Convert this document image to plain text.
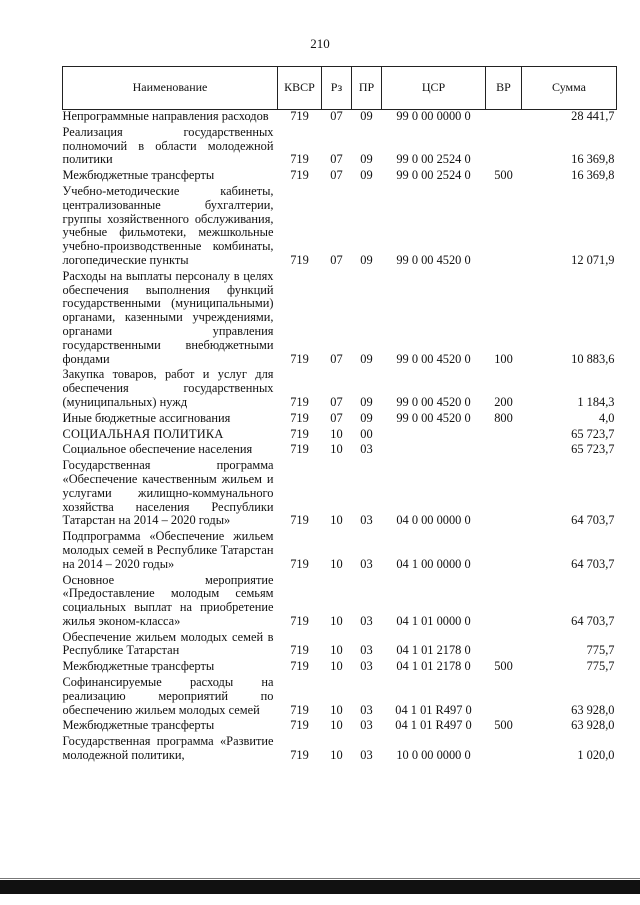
210
Наименование	КВСР	Рз	ПР	ЦСР	ВР	Сумма
Непрограммные направления расходов	719	07	09	99 0 00 0000 0		28 441,7
Реализация государственных полномочий в области молодежной политики	719	07	09	99 0 00 2524 0		16 369,8
Межбюджетные трансферты	719	07	09	99 0 00 2524 0	500	16 369,8
Учебно-методические кабинеты, централизованные бухгалтерии, группы хозяйственного обслуживания, учебные фильмотеки, межшкольные учебно-производственные комбинаты, логопедические пункты	719	07	09	99 0 00 4520 0		12 071,9
Расходы на выплаты персоналу в целях обеспечения выполнения функций государственными (муниципальными) органами, казенными учреждениями, органами управления государственными внебюджетными фондами	719	07	09	99 0 00 4520 0	100	10 883,6
Закупка товаров, работ и услуг для обеспечения государственных (муниципальных) нужд	719	07	09	99 0 00 4520 0	200	1 184,3
Иные бюджетные ассигнования	719	07	09	99 0 00 4520 0	800	4,0
СОЦИАЛЬНАЯ ПОЛИТИКА	719	10	00			65 723,7
Социальное обеспечение населения	719	10	03			65 723,7
Государственная программа «Обеспечение качественным жильем и услугами жилищно-коммунального хозяйства населения Республики Татарстан на 2014 – 2020 годы»	719	10	03	04 0 00 0000 0		64 703,7
Подпрограмма «Обеспечение жильем молодых семей в Республике Татарстан на 2014 – 2020 годы»	719	10	03	04 1 00 0000 0		64 703,7
Основное мероприятие «Предоставление молодым семьям социальных выплат на приобретение жилья эконом-класса»	719	10	03	04 1 01 0000 0		64 703,7
Обеспечение жильем молодых семей в Республике Татарстан	719	10	03	04 1 01 2178 0		775,7
Межбюджетные трансферты	719	10	03	04 1 01 2178 0	500	775,7
Софинансируемые расходы на реализацию мероприятий по обеспечению жильем молодых семей	719	10	03	04 1 01 R497 0		63 928,0
Межбюджетные трансферты	719	10	03	04 1 01 R497 0	500	63 928,0
Государственная программа «Развитие молодежной политики,	719	10	03	10 0 00 0000 0		1 020,0
